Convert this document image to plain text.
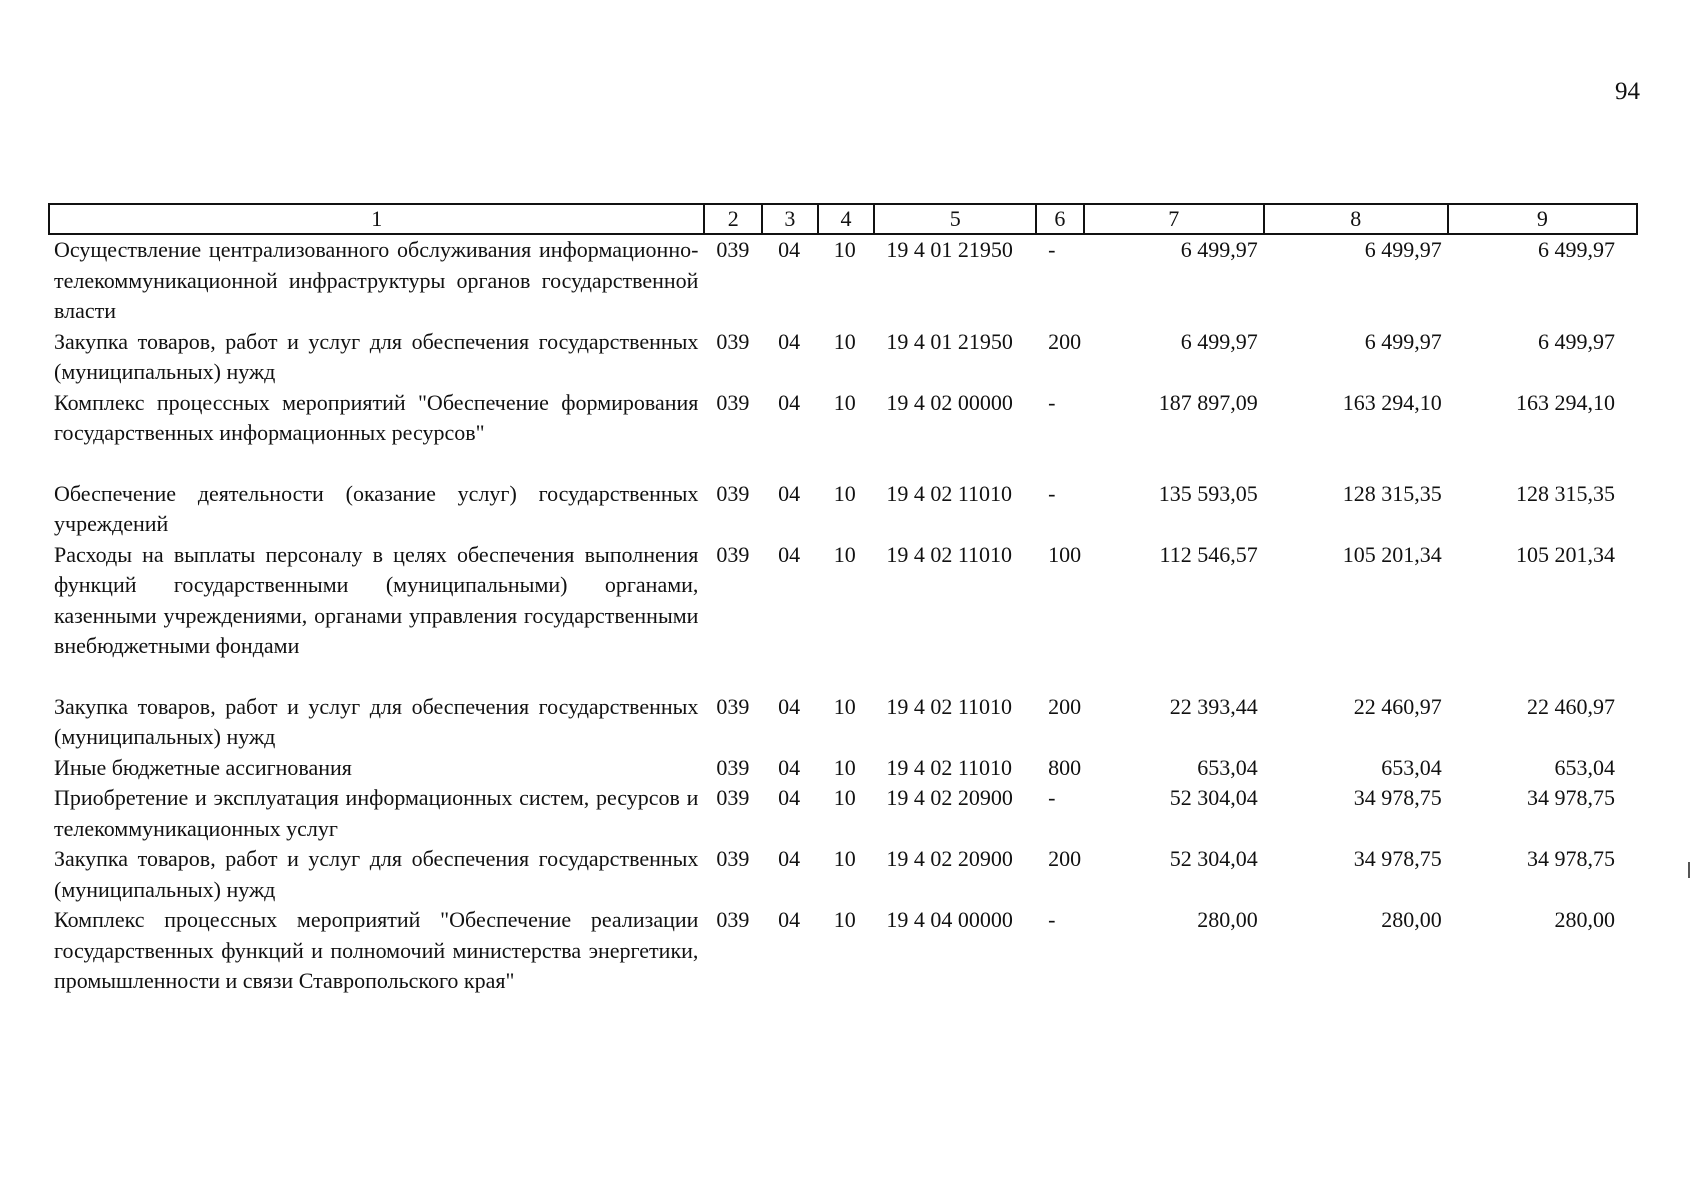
94
1	2	3	4	5	6	7	8	9
Осуществление централизованного обслуживания информационно-телекоммуникационной инфраструктуры органов государственной власти	039	04	10	19 4 01 21950	-	6 499,97	6 499,97	6 499,97
Закупка товаров, работ и услуг для обеспечения государственных (муниципальных) нужд	039	04	10	19 4 01 21950	200	6 499,97	6 499,97	6 499,97
Комплекс процессных мероприятий "Обеспечение формирования государственных информационных ресурсов"	039	04	10	19 4 02 00000	-	187 897,09	163 294,10	163 294,10
Обеспечение деятельности (оказание услуг) государственных учреждений	039	04	10	19 4 02 11010	-	135 593,05	128 315,35	128 315,35
Расходы на выплаты персоналу в целях обеспечения выполнения функций государственными (муниципальными) органами, казенными учреждениями, органами управления государственными внебюджетными фондами	039	04	10	19 4 02 11010	100	112 546,57	105 201,34	105 201,34
Закупка товаров, работ и услуг для обеспечения государственных (муниципальных) нужд	039	04	10	19 4 02 11010	200	22 393,44	22 460,97	22 460,97
Иные бюджетные ассигнования	039	04	10	19 4 02 11010	800	653,04	653,04	653,04
Приобретение и эксплуатация информационных систем, ресурсов и телекоммуникационных услуг	039	04	10	19 4 02 20900	-	52 304,04	34 978,75	34 978,75
Закупка товаров, работ и услуг для обеспечения государственных (муниципальных) нужд	039	04	10	19 4 02 20900	200	52 304,04	34 978,75	34 978,75
Комплекс процессных мероприятий "Обеспечение реализации государственных функций и полномочий министерства энергетики, промышленности и связи Ставропольского края"	039	04	10	19 4 04 00000	-	280,00	280,00	280,00
